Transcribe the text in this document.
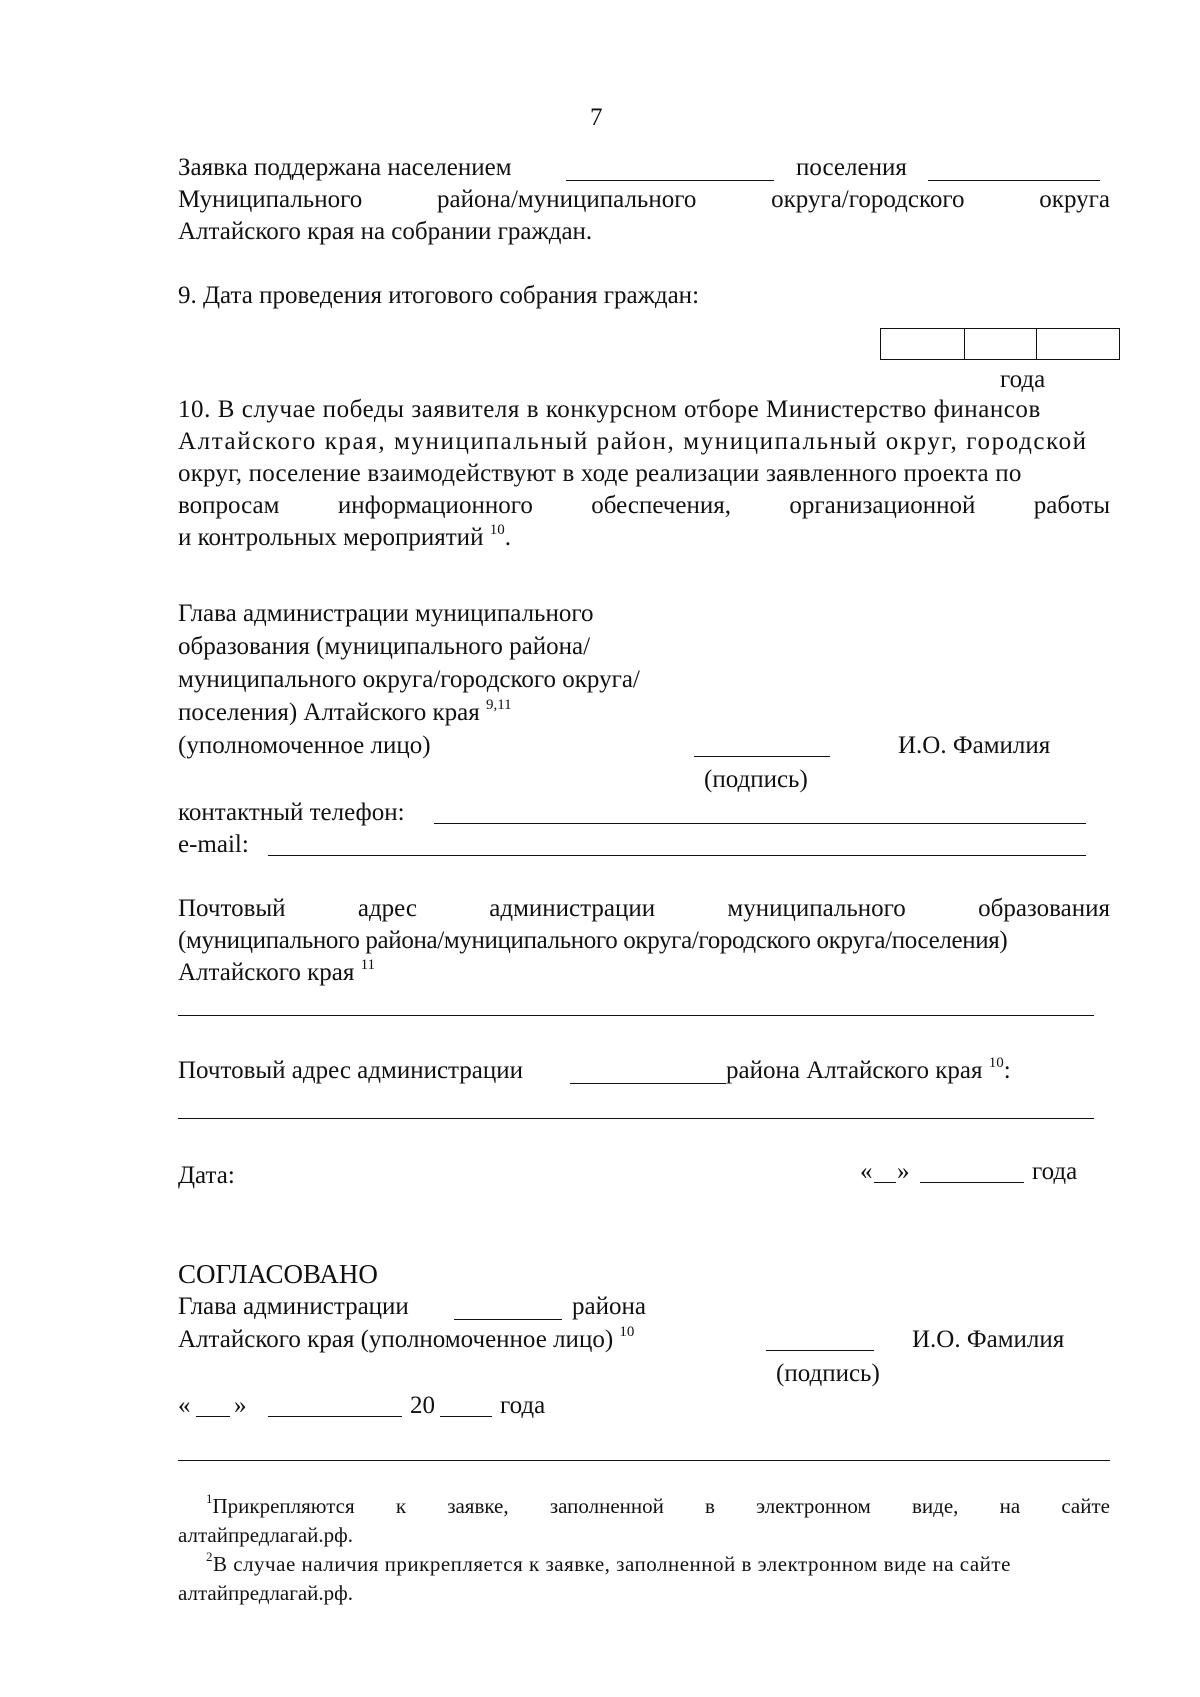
7
Заявка поддержана населением	поселения
Муниципального	района/муниципального	округа/городского	округа
Алтайского края на собрании граждан.
9. Дата проведения итогового собрания граждан:
года
10. В случае победы заявителя в конкурсном отборе Министерство финансов
Алтайского края, муниципальный район, муниципальный округ, городской
округ, поселение взаимодействуют в ходе реализации заявленного проекта по
вопросам информационного обеспечения, организационной работы
и контрольных мероприятий $^{10}$.
Глава администрации муниципального
образования (муниципального района/
муниципального округа/городского округа/
поселения) Алтайского края $^{9,11}$
(уполномоченное лицо)	И.О. Фамилия
(подпись)
контактный телефон:
e-mail:
Почтовый	адрес	администрации	муниципального	образования
(муниципального района/муниципального округа/городского округа/поселения)
Алтайского края $^{11}$
Почтовый адрес администрации	района Алтайского края $^{10}$:
Дата:	« »	года
СОГЛАСОВАНО
Глава администрации	района
Алтайского края (уполномоченное лицо) $^{10}$	И.О. Фамилия
(подпись)
« »	20	года
$^1$Прикрепляются к заявке, заполненной в электронном виде, на сайте
алтайпредлагай.рф.
$^2$В случае наличия прикрепляется к заявке, заполненной в электронном виде на сайте
алтайпредлагай.рф.
